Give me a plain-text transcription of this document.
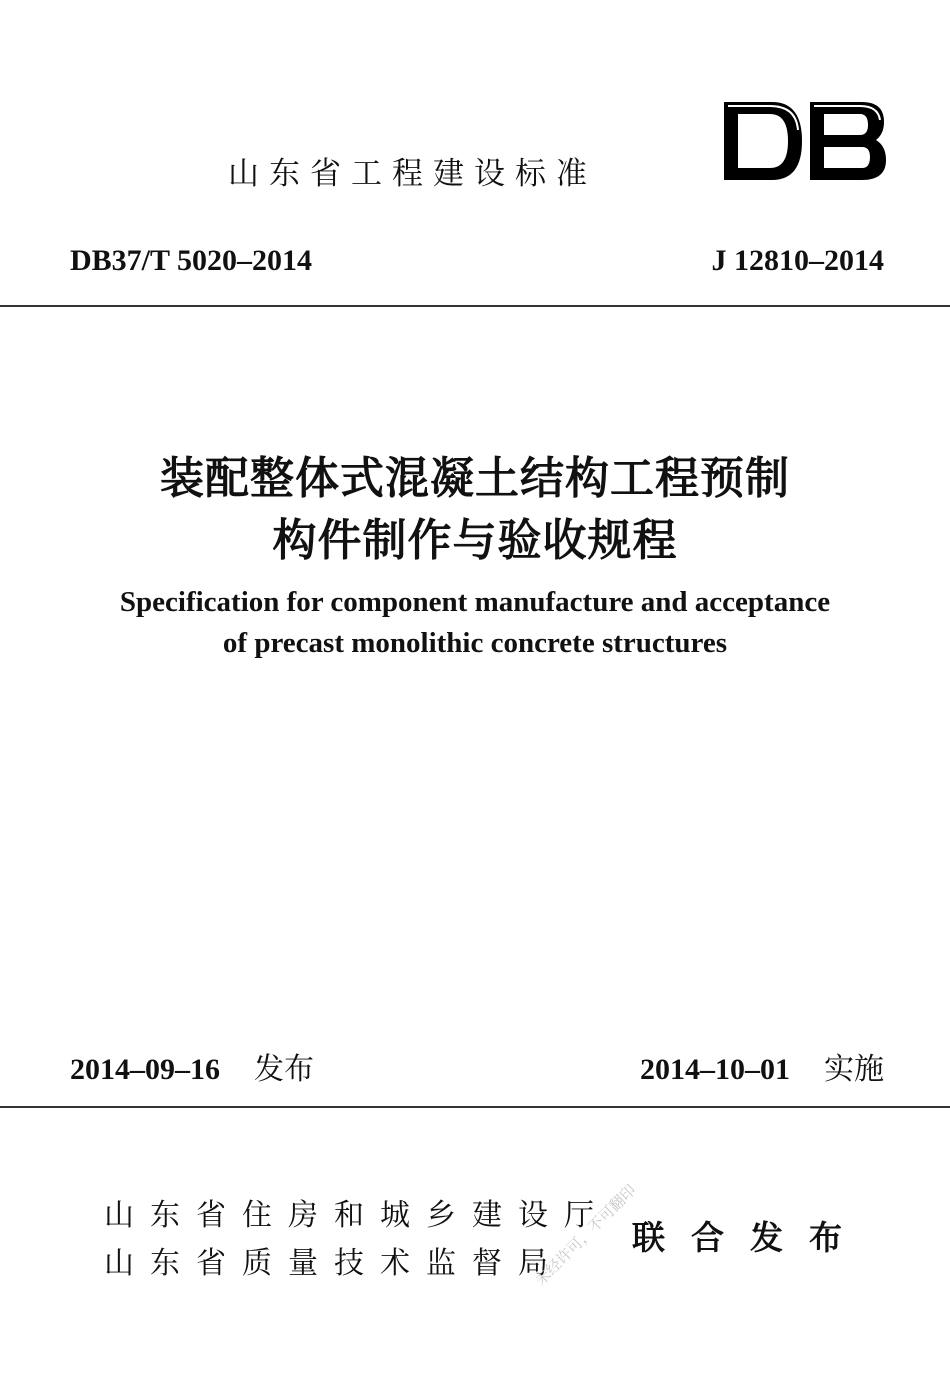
山东省工程建设标准
DB37/T 5020–2014	J 12810–2014
装配整体式混凝土结构工程预制
构件制作与验收规程
Specification for component manufacture and acceptance
of precast monolithic concrete structures
2014–09–16 发布	2014–10–01 实施
山东省住房和城乡建设厅
山东省质量技术监督局
联合发布
未经许可，不可翻印
